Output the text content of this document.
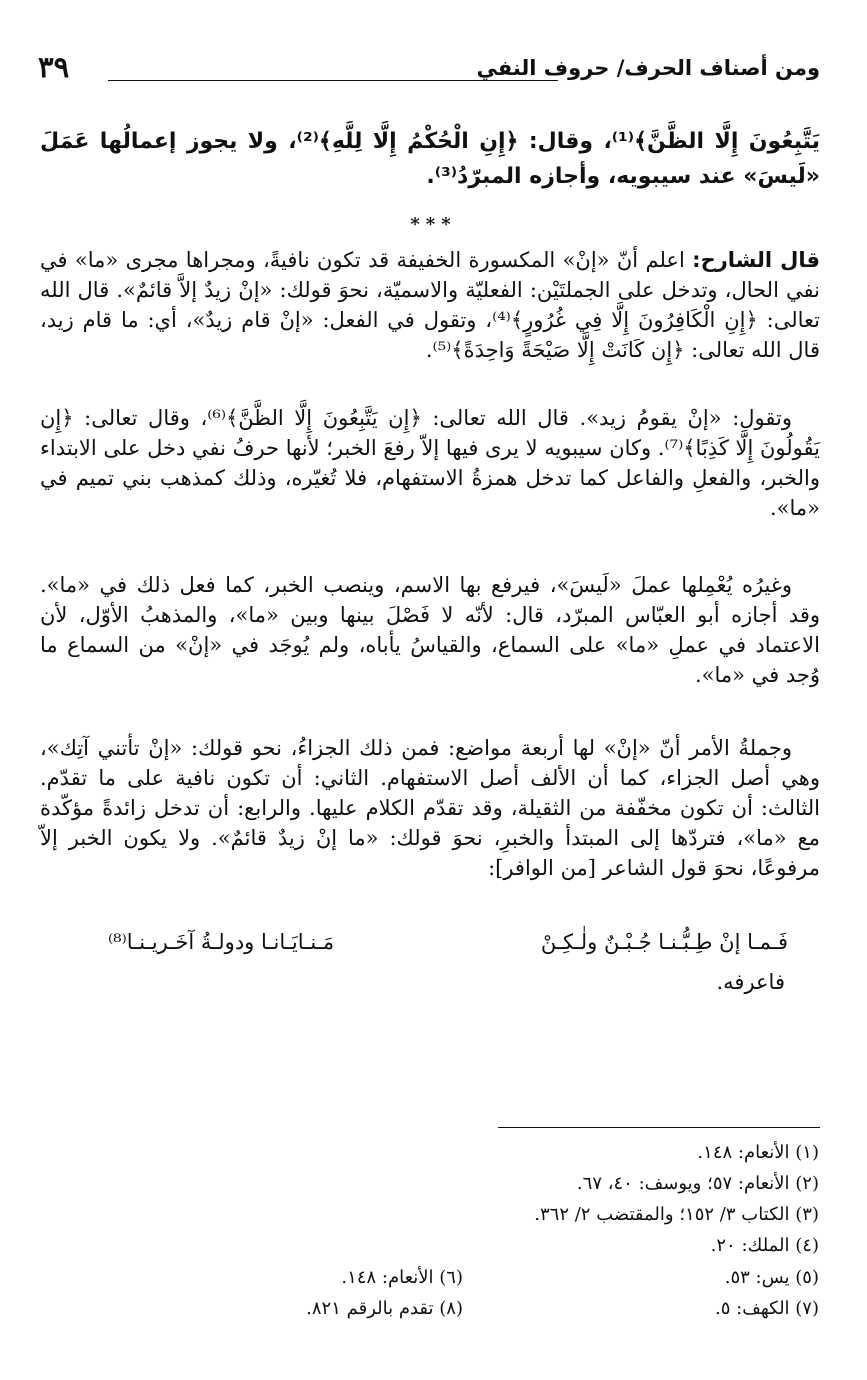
ومن أصناف الحرف/ حروف النفي
٣٩

يَتَّبِعُونَ إِلَّا الظَّنَّ﴾⁽¹⁾، وقال: ﴿إِنِ الْحُكْمُ إِلَّا لِلَّهِ﴾⁽²⁾، ولا يجوز إعمالُها عَمَلَ «لَيسَ» عند سيبويه، وأجازه المبرّدُ⁽³⁾.

***

قال الشارح: اعلم أنّ «إنْ» المكسورة الخفيفة قد تكون نافيةً، ومجراها مجرى «ما» في نفي الحال، وتدخل على الجملتَيْن: الفعليّة والاسميّة، نحوَ قولك: «إنْ زيدٌ إلاَّ قائمٌ». قال الله تعالى: ﴿إِنِ الْكَافِرُونَ إِلَّا فِي غُرُورٍ﴾⁽⁴⁾، وتقول في الفعل: «إنْ قام زيدٌ»، أي: ما قام زيد، قال الله تعالى: ﴿إِن كَانَتْ إِلَّا صَيْحَةً وَاحِدَةً﴾⁽⁵⁾.

وتقول: «إنْ يقومُ زيد». قال الله تعالى: ﴿إِن يَتَّبِعُونَ إِلَّا الظَّنَّ﴾⁽⁶⁾، وقال تعالى: ﴿إِن يَقُولُونَ إِلَّا كَذِبًا﴾⁽⁷⁾. وكان سيبويه لا يرى فيها إلاّ رفعَ الخبر؛ لأنها حرفُ نفي دخل على الابتداء والخبر، والفعلِ والفاعل كما تدخل همزةُ الاستفهام، فلا تُغيّره، وذلك كمذهب بني تميم في «ما».

وغيرُه يُعْمِلها عملَ «لَيسَ»، فيرفع بها الاسم، وينصب الخبر، كما فعل ذلك في «ما». وقد أجازه أبو العبّاس المبرّد، قال: لأنّه لا فَصْلَ بينها وبين «ما»، والمذهبُ الأوّل، لأن الاعتماد في عملِ «ما» على السماع، والقياسُ يأباه، ولم يُوجَد في «إنْ» من السماع ما وُجد في «ما».

وجملةُ الأمر أنّ «إنْ» لها أربعة مواضع: فمن ذلك الجزاءُ، نحو قولك: «إنْ تأتني آتِك»، وهي أصل الجزاء، كما أن الألف أصل الاستفهام. الثاني: أن تكون نافية على ما تقدّم. الثالث: أن تكون مخفّفة من الثقيلة، وقد تقدّم الكلام عليها. والرابع: أن تدخل زائدةً مؤكّدة مع «ما»، فتردّها إلى المبتدأ والخبرِ، نحوَ قولك: «ما إنْ زيدٌ قائمٌ». ولا يكون الخبر إلاّ مرفوعًا، نحوَ قول الشاعر [من الوافر]:

فَـمـا إنْ طِـبُّـنـا جُـبْـنٌ ولٰـكِـنْ
مَـنـايَـانـا ودولـةُ آخَـريـنـا⁽⁸⁾
فاعرفه.
(١) الأنعام: ١٤٨.
(٢) الأنعام: ٥٧؛ ويوسف: ٤٠، ٦٧.
(٣) الكتاب ٣/ ١٥٢؛ والمقتضب ٢/ ٣٦٢.
(٤) الملك: ٢٠.
(٥) يس: ٥٣.
(٦) الأنعام: ١٤٨.
(٧) الكهف: ٥.
(٨) تقدم بالرقم ٨٢١.
